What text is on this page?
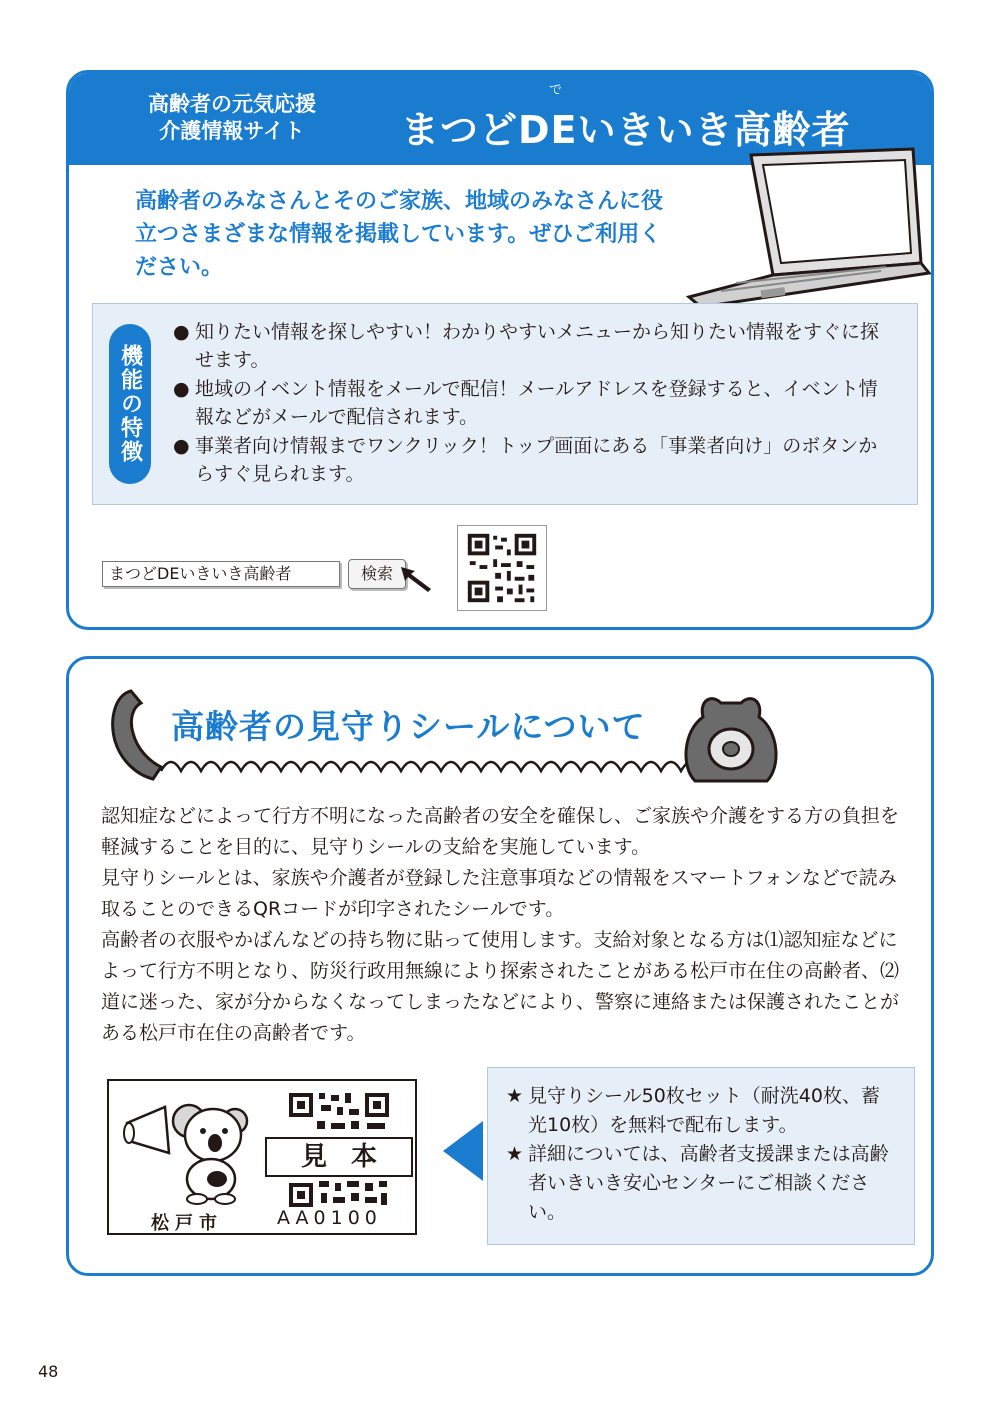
高齢者の元気応援
介護情報サイト
で
まつどDEいきいき高齢者
高齢者のみなさんとそのご家族、地域のみなさんに役立つさまざまな情報を掲載しています。ぜひご利用ください。
機能の特徴
● 知りたい情報を探しやすい！わかりやすいメニューから知りたい情報をすぐに探せます。
● 地域のイベント情報をメールで配信！メールアドレスを登録すると、イベント情報などがメールで配信されます。
● 事業者向け情報までワンクリック！トップ画面にある「事業者向け」のボタンからすぐ見られます。
まつどDEいきいき高齢者	検索
高齢者の見守りシールについて

認知症などによって行方不明になった高齢者の安全を確保し、ご家族や介護をする方の負担を軽減することを目的に、見守りシールの支給を実施しています。

見守りシールとは、家族や介護者が登録した注意事項などの情報をスマートフォンなどで読み取ることのできるQRコードが印字されたシールです。

高齢者の衣服やかばんなどの持ち物に貼って使用します。支給対象となる方は⑴認知症などによって行方不明となり、防災行政用無線により探索されたことがある松戸市在住の高齢者、⑵道に迷った、家が分からなくなってしまったなどにより、警察に連絡または保護されたことがある松戸市在住の高齢者です。

見本
松戸市	AA0100

★ 見守りシール50枚セット（耐洗40枚、蓄光10枚）を無料で配布します。

★ 詳細については、高齢者支援課または高齢者いきいき安心センターにご相談ください。

48
